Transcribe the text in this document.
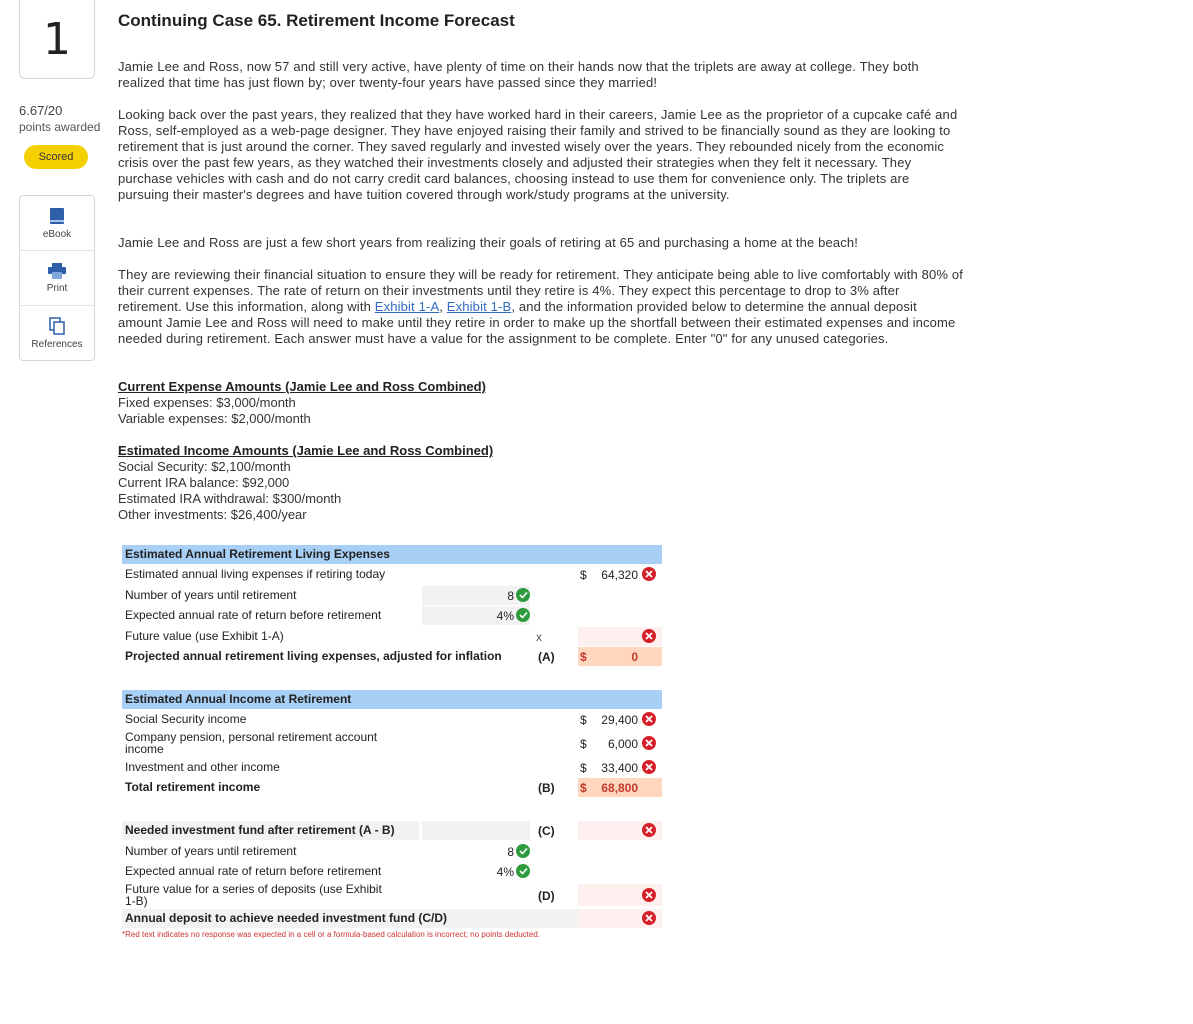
1
6.67/20
points awarded
Scored
eBook
Print
References
Continuing Case 65. Retirement Income Forecast
Jamie Lee and Ross, now 57 and still very active, have plenty of time on their hands now that the triplets are away at college. They both realized that time has just flown by; over twenty-four years have passed since they married!
Looking back over the past years, they realized that they have worked hard in their careers, Jamie Lee as the proprietor of a cupcake café and Ross, self-employed as a web-page designer. They have enjoyed raising their family and strived to be financially sound as they are looking to retirement that is just around the corner. They saved regularly and invested wisely over the years. They rebounded nicely from the economic crisis over the past few years, as they watched their investments closely and adjusted their strategies when they felt it necessary. They purchase vehicles with cash and do not carry credit card balances, choosing instead to use them for convenience only. The triplets are pursuing their master's degrees and have tuition covered through work/study programs at the university.
Jamie Lee and Ross are just a few short years from realizing their goals of retiring at 65 and purchasing a home at the beach!
They are reviewing their financial situation to ensure they will be ready for retirement. They anticipate being able to live comfortably with 80% of their current expenses. The rate of return on their investments until they retire is 4%. They expect this percentage to drop to 3% after retirement. Use this information, along with Exhibit 1-A, Exhibit 1-B, and the information provided below to determine the annual deposit amount Jamie Lee and Ross will need to make until they retire in order to make up the shortfall between their estimated expenses and income needed during retirement. Each answer must have a value for the assignment to be complete. Enter "0" for any unused categories.
Current Expense Amounts (Jamie Lee and Ross Combined)
Fixed expenses: $3,000/month
Variable expenses: $2,000/month
Estimated Income Amounts (Jamie Lee and Ross Combined)
Social Security: $2,100/month
Current IRA balance: $92,000
Estimated IRA withdrawal: $300/month
Other investments: $26,400/year
Estimated Annual Retirement Living Expenses
Estimated annual living expenses if retiring today	$	64,320
Number of years until retirement	8
Expected annual rate of return before retirement	4%
Future value (use Exhibit 1-A)	x
Projected annual retirement living expenses, adjusted for inflation	(A) $	0
Estimated Annual Income at Retirement
Social Security income	$	29,400
Company pension, personal retirement account income	$	6,000
Investment and other income	$	33,400
Total retirement income	(B) $	68,800
Needed investment fund after retirement (A - B)	(C)
Number of years until retirement	8
Expected annual rate of return before retirement	4%
Future value for a series of deposits (use Exhibit 1-B)	(D)
Annual deposit to achieve needed investment fund (C/D)
*Red text indicates no response was expected in a cell or a formula-based calculation is incorrect; no points deducted.
